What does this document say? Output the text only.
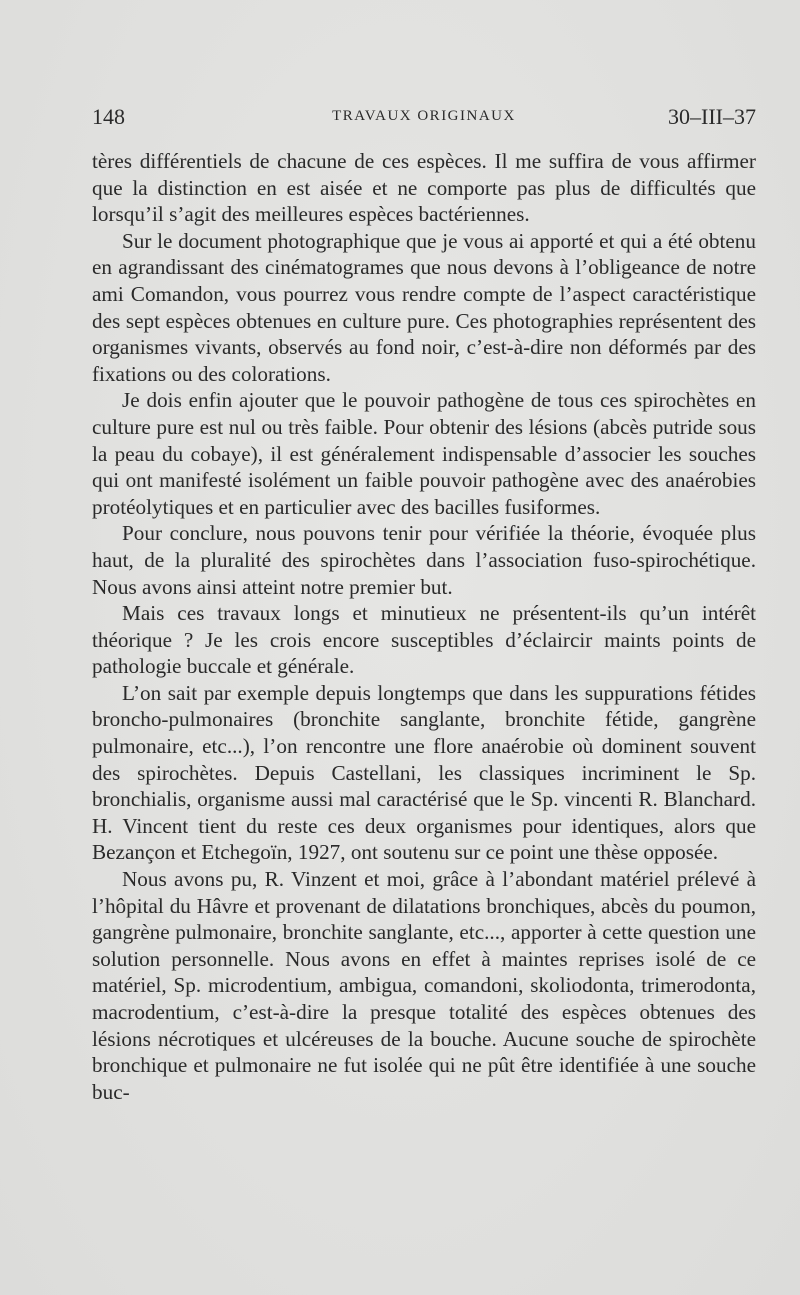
148	TRAVAUX ORIGINAUX	30–III–37

tères différentiels de chacune de ces espèces. Il me suffira de vous affirmer que la distinction en est aisée et ne comporte pas plus de difficultés que lorsqu’il s’agit des meilleures espèces bactériennes.

Sur le document photographique que je vous ai apporté et qui a été obtenu en agrandissant des cinématogrames que nous devons à l’obligeance de notre ami Comandon, vous pourrez vous rendre compte de l’aspect caractéristique des sept espèces obtenues en culture pure. Ces photographies représentent des organismes vivants, observés au fond noir, c’est-à-dire non déformés par des fixations ou des colorations.

Je dois enfin ajouter que le pouvoir pathogène de tous ces spirochètes en culture pure est nul ou très faible. Pour obtenir des lésions (abcès putride sous la peau du cobaye), il est généralement indispensable d’associer les souches qui ont manifesté isolément un faible pouvoir pathogène avec des anaérobies protéolytiques et en particulier avec des bacilles fusiformes.

Pour conclure, nous pouvons tenir pour vérifiée la théorie, évoquée plus haut, de la pluralité des spirochètes dans l’association fuso-spirochétique. Nous avons ainsi atteint notre premier but.

Mais ces travaux longs et minutieux ne présentent-ils qu’un intérêt théorique ? Je les crois encore susceptibles d’éclaircir maints points de pathologie buccale et générale.

L’on sait par exemple depuis longtemps que dans les suppurations fétides broncho-pulmonaires (bronchite sanglante, bronchite fétide, gangrène pulmonaire, etc...), l’on rencontre une flore anaérobie où dominent souvent des spirochètes. Depuis Castellani, les classiques incriminent le Sp. bronchialis, organisme aussi mal caractérisé que le Sp. vincenti R. Blanchard. H. Vincent tient du reste ces deux organismes pour identiques, alors que Bezançon et Etchegoïn, 1927, ont soutenu sur ce point une thèse opposée.

Nous avons pu, R. Vinzent et moi, grâce à l’abondant matériel prélevé à l’hôpital du Hâvre et provenant de dilatations bronchiques, abcès du poumon, gangrène pulmonaire, bronchite sanglante, etc..., apporter à cette question une solution personnelle. Nous avons en effet à maintes reprises isolé de ce matériel, Sp. microdentium, ambigua, comandoni, skoliodonta, trimerodonta, macrodentium, c’est-à-dire la presque totalité des espèces obtenues des lésions nécrotiques et ulcéreuses de la bouche. Aucune souche de spirochète bronchique et pulmonaire ne fut isolée qui ne pût être identifiée à une souche buc-
